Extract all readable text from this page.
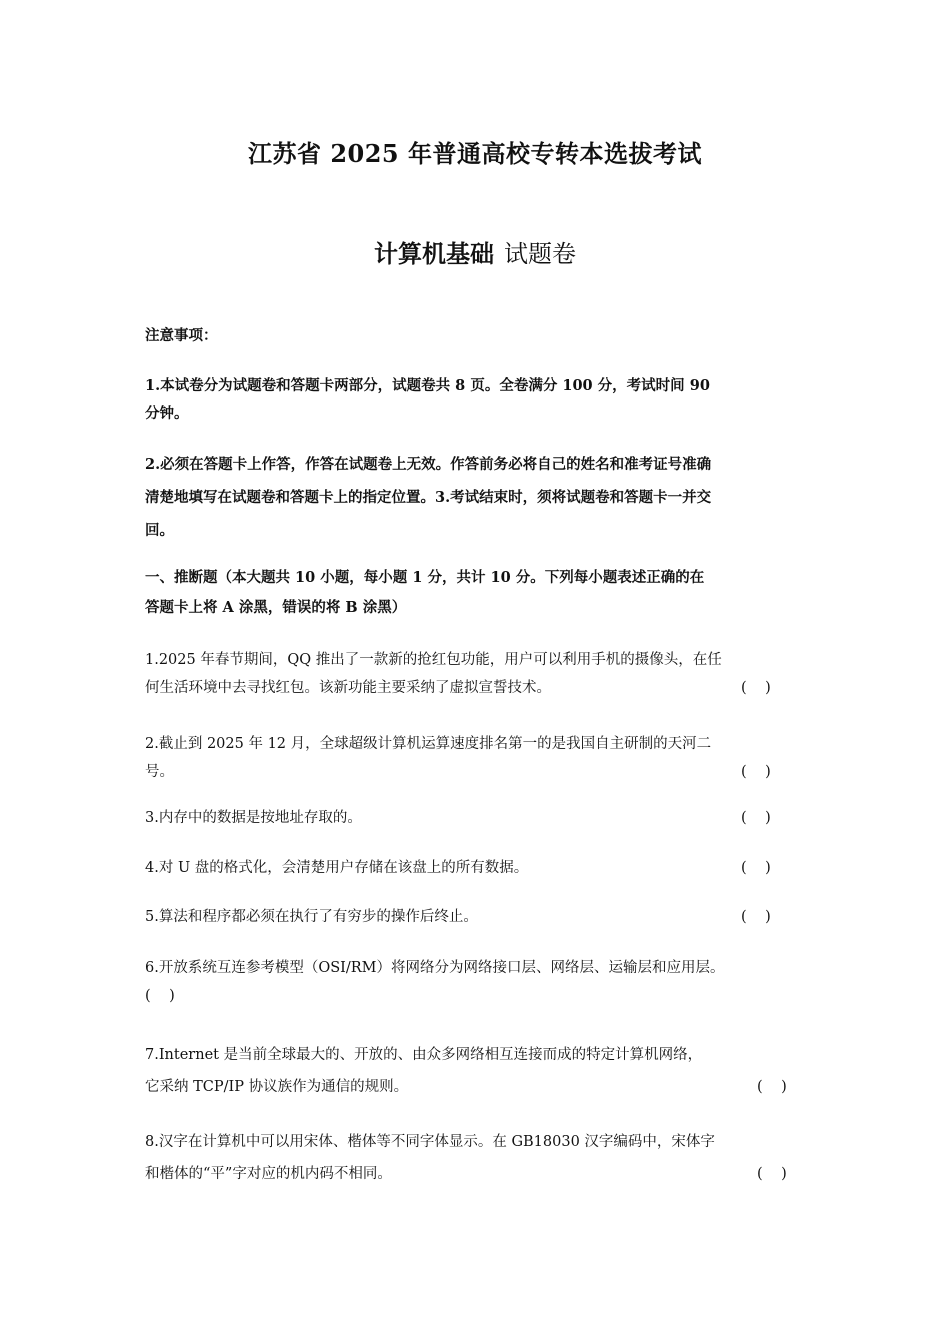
江苏省 2025 年普通高校专转本选拔考试
计算机基础 试题卷
注意事项：
1.本试卷分为试题卷和答题卡两部分，试题卷共 8 页。全卷满分 100 分，考试时间 90
分钟。
2.必须在答题卡上作答，作答在试题卷上无效。作答前务必将自己的姓名和准考证号准确
清楚地填写在试题卷和答题卡上的指定位置。3.考试结束时，须将试题卷和答题卡一并交
回。
一、推断题（本大题共 10 小题，每小题 1 分，共计 10 分。下列每小题表述正确的在
答题卡上将 A 涂黑，错误的将 B 涂黑）
1.2025 年春节期间，QQ 推出了一款新的抢红包功能，用户可以利用手机的摄像头，在任
何生活环境中去寻找红包。该新功能主要采纳了虚拟宣誓技术。	(    )
2.截止到 2025 年 12 月，全球超级计算机运算速度排名第一的是我国自主研制的天河二
号。	(    )
3.内存中的数据是按地址存取的。	(    )
4.对 U 盘的格式化，会清楚用户存储在该盘上的所有数据。	(    )
5.算法和程序都必须在执行了有穷步的操作后终止。	(    )
6.开放系统互连参考模型（OSI/RM）将网络分为网络接口层、网络层、运输层和应用层。
(    )
7.Internet 是当前全球最大的、开放的、由众多网络相互连接而成的特定计算机网络，
它采纳 TCP/IP 协议族作为通信的规则。	(    )
8.汉字在计算机中可以用宋体、楷体等不同字体显示。在 GB18030 汉字编码中，宋体字
和楷体的“平”字对应的机内码不相同。	(    )
